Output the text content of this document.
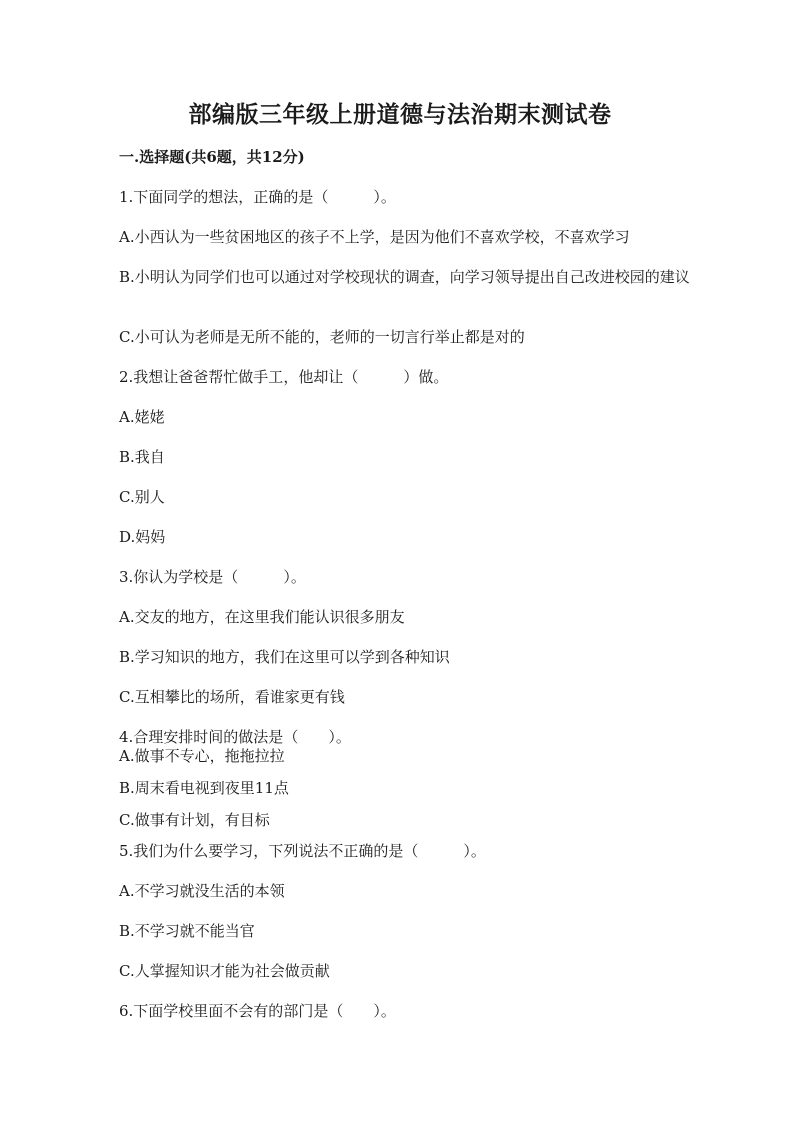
部编版三年级上册道德与法治期末测试卷
一.选择题(共6题，共12分)
1.下面同学的想法，正确的是（　　　）。
A.小西认为一些贫困地区的孩子不上学，是因为他们不喜欢学校，不喜欢学习
B.小明认为同学们也可以通过对学校现状的调查，向学习领导提出自己改进校园的建议
C.小可认为老师是无所不能的，老师的一切言行举止都是对的
2.我想让爸爸帮忙做手工，他却让（　　　）做。
A.姥姥
B.我自
C.别人
D.妈妈
3.你认为学校是（　　　）。
A.交友的地方，在这里我们能认识很多朋友
B.学习知识的地方，我们在这里可以学到各种知识
C.互相攀比的场所，看谁家更有钱
4.合理安排时间的做法是（　　）。
A.做事不专心，拖拖拉拉
B.周末看电视到夜里11点
C.做事有计划，有目标
5.我们为什么要学习，下列说法不正确的是（　　　）。
A.不学习就没生活的本领
B.不学习就不能当官
C.人掌握知识才能为社会做贡献
6.下面学校里面不会有的部门是（　　）。
